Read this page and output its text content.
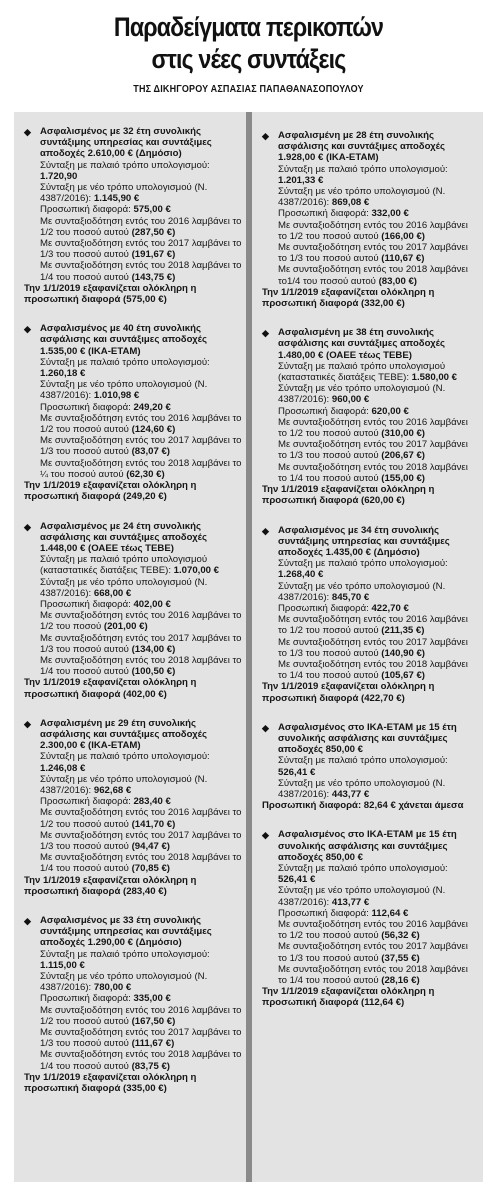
Παραδείγματα περικοπών
στις νέες συντάξεις
ΤΗΣ ΔΙΚΗΓΟΡΟΥ ΑΣΠΑΣΙΑΣ ΠΑΠΑΘΑΝΑΣΟΠΟΥΛΟΥ
◆ Ασφαλισμένος με 32 έτη συνολικής συντάξιμης υπηρεσίας και συντάξιμες αποδοχές 2.610,00 € (Δημόσιο)
Σύνταξη με παλαιό τρόπο υπολογισμού: 1.720,90
Σύνταξη με νέο τρόπο υπολογισμού (Ν. 4387/2016): 1.145,90 €
Προσωπική διαφορά: 575,00 €
Με συνταξιοδότηση εντός του 2016 λαμβάνει το 1/2 του ποσού αυτού (287,50 €)
Με συνταξιοδότηση εντός του 2017 λαμβάνει το 1/3 του ποσού αυτού (191,67 €)
Με συνταξιοδότηση εντός του 2018 λαμβάνει το 1/4 του ποσού αυτού (143,75 €)
Την 1/1/2019 εξαφανίζεται ολόκληρη η προσωπική διαφορά (575,00 €)
◆ Ασφαλισμένος με 40 έτη συνολικής ασφάλισης και συντάξιμες αποδοχές 1.535,00 € (ΙΚΑ-ΕΤΑΜ)
Σύνταξη με παλαιό τρόπο υπολογισμού: 1.260,18 €
Σύνταξη με νέο τρόπο υπολογισμού (Ν. 4387/2016): 1.010,98 €
Προσωπική διαφορά: 249,20 €
Με συνταξιοδότηση εντός του 2016 λαμβάνει το 1/2 του ποσού αυτού (124,60 €)
Με συνταξιοδότηση εντός του 2017 λαμβάνει το 1/3 του ποσού αυτού (83,07 €)
Με συνταξιοδότηση εντός του 2018 λαμβάνει το ¼ του ποσού αυτού (62,30 €)
Την 1/1/2019 εξαφανίζεται ολόκληρη η προσωπική διαφορά (249,20 €)
◆ Ασφαλισμένος με 24 έτη συνολικής ασφάλισης και συντάξιμες αποδοχές 1.448,00 € (ΟΑΕΕ τέως ΤΕΒΕ)
Σύνταξη με παλαιό τρόπο υπολογισμού (καταστατικές διατάξεις ΤΕΒΕ): 1.070,00 €
Σύνταξη με νέο τρόπο υπολογισμού (Ν. 4387/2016): 668,00 €
Προσωπική διαφορά: 402,00 €
Με συνταξιοδότηση εντός του 2016 λαμβάνει το 1/2 του ποσού (201,00 €)
Με συνταξιοδότηση εντός του 2017 λαμβάνει το 1/3 του ποσού αυτού (134,00 €)
Με συνταξιοδότηση εντός του 2018 λαμβάνει το 1/4 του ποσού αυτού (100,50 €)
Την 1/1/2019 εξαφανίζεται ολόκληρη η προσωπική διαφορά (402,00 €)
◆ Ασφαλισμένη με 29 έτη συνολικής ασφάλισης και συντάξιμες αποδοχές 2.300,00 € (ΙΚΑ-ΕΤΑΜ)
Σύνταξη με παλαιό τρόπο υπολογισμού: 1.246,08 €
Σύνταξη με νέο τρόπο υπολογισμού (Ν. 4387/2016): 962,68 €
Προσωπική διαφορά: 283,40 €
Με συνταξιοδότηση εντός του 2016 λαμβάνει το 1/2 του ποσού αυτού (141,70 €)
Με συνταξιοδότηση εντός του 2017 λαμβάνει το 1/3 του ποσού αυτού (94,47 €)
Με συνταξιοδότηση εντός του 2018 λαμβάνει το 1/4 του ποσού αυτού (70,85 €)
Την 1/1/2019 εξαφανίζεται ολόκληρη η προσωπική διαφορά (283,40 €)
◆ Ασφαλισμένος με 33 έτη συνολικής συντάξιμης υπηρεσίας και συντάξιμες αποδοχές 1.290,00 € (Δημόσιο)
Σύνταξη με παλαιό τρόπο υπολογισμού: 1.115,00 €
Σύνταξη με νέο τρόπο υπολογισμού (Ν. 4387/2016): 780,00 €
Προσωπική διαφορά: 335,00 €
Με συνταξιοδότηση εντός του 2016 λαμβάνει το 1/2 του ποσού αυτού (167,50 €)
Με συνταξιοδότηση εντός του 2017 λαμβάνει το 1/3 του ποσού αυτού (111,67 €)
Με συνταξιοδότηση εντός του 2018 λαμβάνει το 1/4 του ποσού αυτού (83,75 €)
Την 1/1/2019 εξαφανίζεται ολόκληρη η προσωπική διαφορά (335,00 €)
◆ Ασφαλισμένη με 28 έτη συνολικής ασφάλισης και συντάξιμες αποδοχές 1.928,00 € (ΙΚΑ-ΕΤΑΜ)
Σύνταξη με παλαιό τρόπο υπολογισμού: 1.201,33 €
Σύνταξη με νέο τρόπο υπολογισμού (Ν. 4387/2016): 869,08 €
Προσωπική διαφορά: 332,00 €
Με συνταξιοδότηση εντός του 2016 λαμβάνει το 1/2 του ποσού αυτού (166,00 €)
Με συνταξιοδότηση εντός του 2017 λαμβάνει το 1/3 του ποσού αυτού (110,67 €)
Με συνταξιοδότηση εντός του 2018 λαμβάνει το1/4 του ποσού αυτού (83,00 €)
Την 1/1/2019 εξαφανίζεται ολόκληρη η προσωπική διαφορά (332,00 €)
◆ Ασφαλισμένη με 38 έτη συνολικής ασφάλισης και συντάξιμες αποδοχές 1.480,00 € (ΟΑΕΕ τέως ΤΕΒΕ)
Σύνταξη με παλαιό τρόπο υπολογισμού (καταστατικές διατάξεις ΤΕΒΕ): 1.580,00 €
Σύνταξη με νέο τρόπο υπολογισμού (Ν. 4387/2016): 960,00 €
Προσωπική διαφορά: 620,00 €
Με συνταξιοδότηση εντός του 2016 λαμβάνει το 1/2 του ποσού αυτού (310,00 €)
Με συνταξιοδότηση εντός του 2017 λαμβάνει το 1/3 του ποσού αυτού (206,67 €)
Με συνταξιοδότηση εντός του 2018 λαμβάνει το 1/4 του ποσού αυτού (155,00 €)
Την 1/1/2019 εξαφανίζεται ολόκληρη η προσωπική διαφορά (620,00 €)
◆ Ασφαλισμένος με 34 έτη συνολικής συντάξιμης υπηρεσίας και συντάξιμες αποδοχές 1.435,00 € (Δημόσιο)
Σύνταξη με παλαιό τρόπο υπολογισμού: 1.268,40 €
Σύνταξη με νέο τρόπο υπολογισμού (Ν. 4387/2016): 845,70 €
Προσωπική διαφορά: 422,70 €
Με συνταξιοδότηση εντός του 2016 λαμβάνει το 1/2 του ποσού αυτού (211,35 €)
Με συνταξιοδότηση εντός του 2017 λαμβάνει το 1/3 του ποσού αυτού (140,90 €)
Με συνταξιοδότηση εντός του 2018 λαμβάνει το 1/4 του ποσού αυτού (105,67 €)
Την 1/1/2019 εξαφανίζεται ολόκληρη η προσωπική διαφορά (422,70 €)
◆ Ασφαλισμένος στο ΙΚΑ-ΕΤΑΜ με 15 έτη συνολικής ασφάλισης και συντάξιμες αποδοχές 850,00 €
Σύνταξη με παλαιό τρόπο υπολογισμού: 526,41 €
Σύνταξη με νέο τρόπο υπολογισμού (Ν. 4387/2016): 443,77 €
Προσωπική διαφορά: 82,64 € χάνεται άμεσα
◆ Ασφαλισμένος στο ΙΚΑ-ΕΤΑΜ με 15 έτη συνολικής ασφάλισης και συντάξιμες αποδοχές 850,00 €
Σύνταξη με παλαιό τρόπο υπολογισμού: 526,41 €
Σύνταξη με νέο τρόπο υπολογισμού (Ν. 4387/2016): 413,77 €
Προσωπική διαφορά: 112,64 €
Με συνταξιοδότηση εντός του 2016 λαμβάνει το 1/2 του ποσού αυτού (56,32 €)
Με συνταξιοδότηση εντός του 2017 λαμβάνει το 1/3 του ποσού αυτού (37,55 €)
Με συνταξιοδότηση εντός του 2018 λαμβάνει το 1/4 του ποσού αυτού (28,16 €)
Την 1/1/2019 εξαφανίζεται ολόκληρη η προσωπική διαφορά (112,64 €)
